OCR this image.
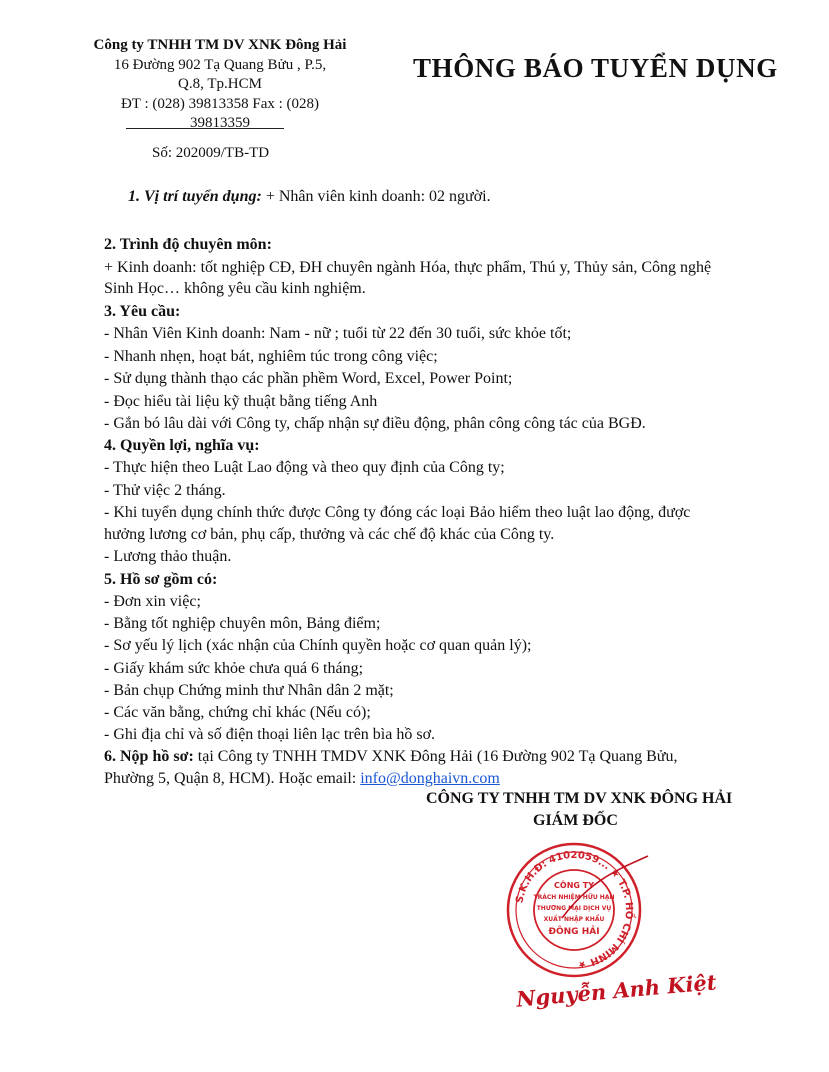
Công ty TNHH TM DV XNK Đông Hải
16 Đường 902 Tạ Quang Bửu , P.5,
Q.8, Tp.HCM
ĐT : (028) 39813358 Fax : (028)
39813359
Số: 202009/TB-TD
THÔNG BÁO TUYỂN DỤNG
1. Vị trí tuyển dụng: + Nhân viên kinh doanh: 02 người.
2. Trình độ chuyên môn:
+ Kinh doanh: tốt nghiệp CĐ, ĐH chuyên ngành Hóa, thực phẩm, Thú y, Thủy sản, Công nghệ
Sinh Học… không yêu cầu kinh nghiệm.
3. Yêu cầu:
- Nhân Viên Kinh doanh: Nam - nữ ; tuổi từ 22 đến 30 tuổi, sức khỏe tốt;
- Nhanh nhẹn, hoạt bát, nghiêm túc trong công việc;
- Sử dụng thành thạo các phần phềm Word, Excel, Power Point;
- Đọc hiểu tài liệu kỹ thuật bằng tiếng Anh
- Gắn bó lâu dài với Công ty, chấp nhận sự điều động, phân công công tác của BGĐ.
4. Quyền lợi, nghĩa vụ:
- Thực hiện theo Luật Lao động và theo quy định của Công ty;
- Thử việc 2 tháng.
- Khi tuyển dụng chính thức được Công ty đóng các loại Bảo hiểm theo luật lao động, được
hưởng lương cơ bản, phụ cấp, thưởng và các chế độ khác của Công ty.
- Lương thảo thuận.
5. Hồ sơ gồm có:
- Đơn xin việc;
- Bằng tốt nghiệp chuyên môn, Bảng điểm;
- Sơ yếu lý lịch (xác nhận của Chính quyền hoặc cơ quan quản lý);
- Giấy khám sức khỏe chưa quá 6 tháng;
- Bản chụp Chứng minh thư Nhân dân 2 mặt;
- Các văn bằng, chứng chỉ khác (Nếu có);
- Ghi địa chỉ và số điện thoại liên lạc trên bìa hồ sơ.
6. Nộp hồ sơ: tại Công ty TNHH TMDV XNK Đông Hải (16 Đường 902 Tạ Quang Bửu,
Phường 5, Quận 8, HCM). Hoặc email: info@donghaivn.com
CÔNG TY TNHH TM DV XNK ĐÔNG HẢI
GIÁM ĐỐC
S.K.H.Đ: 4102059... ★ T.P. HỒ CHÍ MINH ★
CÔNG TY
TRÁCH NHIỆM HỮU HẠN
THƯƠNG MẠI DỊCH VỤ
XUẤT NHẬP KHẨU
ĐÔNG HẢI
Nguyễn Anh Kiệt
